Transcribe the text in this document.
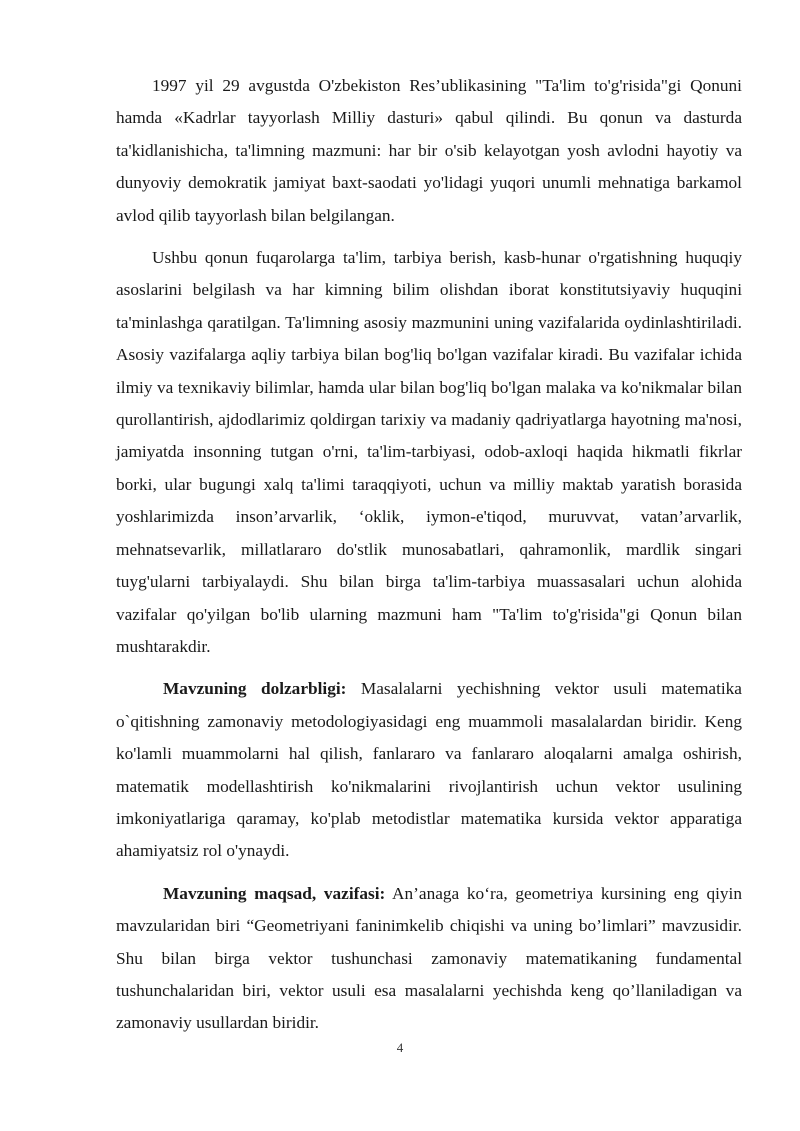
1997 yil 29 avgustda O'zbekiston Res’ublikasining "Ta'lim to'g'risida"gi Qonuni hamda «Kadrlar tayyorlash Milliy dasturi» qabul qilindi. Bu qonun va dasturda ta'kidlanishicha, ta'limning mazmuni: har bir o'sib kelayotgan yosh avlodni hayotiy va dunyoviy demokratik jamiyat baxt-saodati yo'lidagi yuqori unumli mehnatiga barkamol avlod qilib tayyorlash bilan belgilangan.

Ushbu qonun fuqarolarga ta'lim, tarbiya berish, kasb-hunar o'rgatishning huquqiy asoslarini belgilash va har kimning bilim olishdan iborat konstitutsiyaviy huquqini ta'minlashga qaratilgan. Ta'limning asosiy mazmunini uning vazifalarida oydinlashtiriladi. Asosiy vazifalarga aqliy tarbiya bilan bog'liq bo'lgan vazifalar kiradi. Bu vazifalar ichida ilmiy va texnikaviy bilimlar, hamda ular bilan bog'liq bo'lgan malaka va ko'nikmalar bilan qurollantirish, ajdodlarimiz qoldirgan tarixiy va madaniy qadriyatlarga hayotning ma'nosi, jamiyatda insonning tutgan o'rni, ta'lim-tarbiyasi, odob-axloqi haqida hikmatli fikrlar borki, ular bugungi xalq ta'limi taraqqiyoti, uchun va milliy maktab yaratish borasida yoshlarimizda inson’arvarlik, ‘oklik, iymon-e'tiqod, muruvvat, vatan’arvarlik, mehnatsevarlik, millatlararo do'stlik munosabatlari, qahramonlik, mardlik singari tuyg'ularni tarbiyalaydi. Shu bilan birga ta'lim-tarbiya muassasalari uchun alohida vazifalar qo'yilgan bo'lib ularning mazmuni ham "Ta'lim to'g'risida"gi Qonun bilan mushtarakdir.

Mavzuning dolzarbligi: Masalalarni yechishning vektor usuli matematika o`qitishning zamonaviy metodologiyasidagi eng muammoli masalalardan biridir. Keng ko'lamli muammolarni hal qilish, fanlararo va fanlararo aloqalarni amalga oshirish, matematik modellashtirish ko'nikmalarini rivojlantirish uchun vektor usulining imkoniyatlariga qaramay, ko'plab metodistlar matematika kursida vektor apparatiga ahamiyatsiz rol o'ynaydi.

Mavzuning maqsad, vazifasi: An’anaga ko‘ra, geometriya kursining eng qiyin mavzularidan biri “Geometriyani faninimkelib chiqishi va uning bo’limlari” mavzusidir. Shu bilan birga vektor tushunchasi zamonaviy matematikaning fundamental tushunchalaridan biri, vektor usuli esa masalalarni yechishda keng qo’llaniladigan va zamonaviy usullardan biridir.

4
